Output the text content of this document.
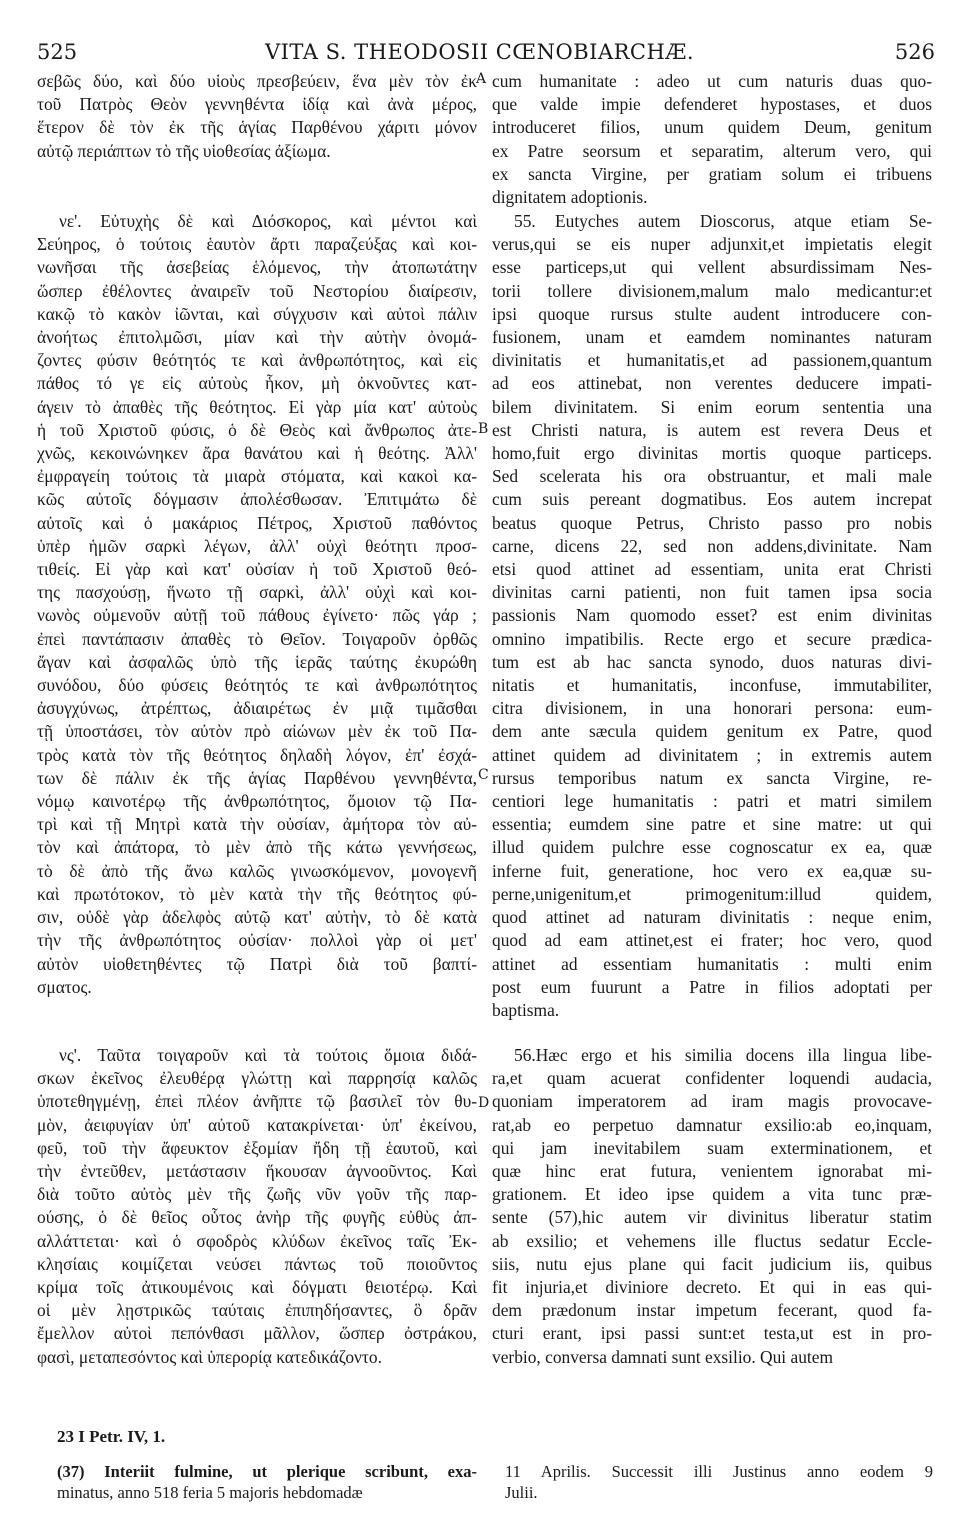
525	VITA S. THEODOSII CŒNOBIARCHÆ.	526
A
B
C
D
σεβῶς δύο, καὶ δύο υἱοὺς πρεσβεύειν, ἕνα μὲν τὸν ἐκ
τοῦ Πατρὸς Θεὸν γεννηθέντα ἰδίᾳ καὶ ἀνὰ μέρος,
ἕτερον δὲ τὸν ἐκ τῆς ἁγίας Παρθένου χάριτι μόνον
αὐτῷ περιάπτων τὸ τῆς υἱοθεσίας ἀξίωμα.
νε'. Εὐτυχὴς δὲ καὶ Διόσκορος, καὶ μέντοι καὶ
Σεύηρος, ὁ τούτοις ἑαυτὸν ἄρτι παραζεύξας καὶ κοι-
νωνῆσαι τῆς ἀσεβείας ἑλόμενος, τὴν ἀτοπωτάτην
ὥσπερ ἐθέλοντες ἀναιρεῖν τοῦ Νεστορίου διαίρεσιν,
κακῷ τὸ κακὸν ἰῶνται, καὶ σύγχυσιν καὶ αὐτοὶ πάλιν
ἀνοήτως ἐπιτολμῶσι, μίαν καὶ τὴν αὐτὴν ὀνομά-
ζοντες φύσιν θεότητός τε καὶ ἀνθρωπότητος, καὶ εἰς
πάθος τό γε εἰς αὐτοὺς ἧκον, μὴ ὀκνοῦντες κατ-
άγειν τὸ ἀπαθὲς τῆς θεότητος. Εἰ γὰρ μία κατ' αὐτοὺς
ἡ τοῦ Χριστοῦ φύσις, ὁ δὲ Θεὸς καὶ ἄνθρωπος ἀτε-
χνῶς, κεκοινώνηκεν ἄρα θανάτου καὶ ἡ θεότης. Ἀλλ'
ἐμφραγείη τούτοις τὰ μιαρὰ στόματα, καὶ κακοὶ κα-
κῶς αὐτοῖς δόγμασιν ἀπολέσθωσαν. Ἐπιτιμάτω δὲ
αὐτοῖς καὶ ὁ μακάριος Πέτρος, Χριστοῦ παθόντος
ὑπὲρ ἡμῶν σαρκὶ λέγων, ἀλλ' οὐχὶ θεότητι προσ-
τιθείς. Εἰ γὰρ καὶ κατ' οὐσίαν ἡ τοῦ Χριστοῦ θεό-
της πασχούσῃ, ἥνωτο τῇ σαρκὶ, ἀλλ' οὐχὶ καὶ κοι-
νωνὸς οὐμενοῦν αὐτῇ τοῦ πάθους ἐγίνετο· πῶς γάρ ;
ἐπεὶ παντάπασιν ἀπαθὲς τὸ Θεῖον. Τοιγαροῦν ὀρθῶς
ἄγαν καὶ ἀσφαλῶς ὑπὸ τῆς ἱερᾶς ταύτης ἐκυρώθη
συνόδου, δύο φύσεις θεότητός τε καὶ ἀνθρωπότητος
ἀσυγχύνως, ἀτρέπτως, ἀδιαιρέτως ἐν μιᾷ τιμᾶσθαι
τῇ ὑποστάσει, τὸν αὐτὸν πρὸ αἰώνων μὲν ἐκ τοῦ Πα-
τρὸς κατὰ τὸν τῆς θεότητος δηλαδὴ λόγον, ἐπ' ἐσχά-
των δὲ πάλιν ἐκ τῆς ἁγίας Παρθένου γεννηθέντα,
νόμῳ καινοτέρῳ τῆς ἀνθρωπότητος, ὅμοιον τῷ Πα-
τρὶ καὶ τῇ Μητρὶ κατὰ τὴν οὐσίαν, ἀμήτορα τὸν αὐ-
τὸν καὶ ἀπάτορα, τὸ μὲν ἀπὸ τῆς κάτω γεννήσεως,
τὸ δὲ ἀπὸ τῆς ἄνω καλῶς γινωσκόμενον, μονογενῆ
καὶ πρωτότοκον, τὸ μὲν κατὰ τὴν τῆς θεότητος φύ-
σιν, οὐδὲ γὰρ ἀδελφὸς αὐτῷ κατ' αὐτὴν, τὸ δὲ κατὰ
τὴν τῆς ἀνθρωπότητος οὐσίαν· πολλοὶ γὰρ οἱ μετ'
αὐτὸν υἱοθετηθέντες τῷ Πατρὶ διὰ τοῦ βαπτί-
σματος.
νς'. Ταῦτα τοιγαροῦν καὶ τὰ τούτοις ὅμοια διδά-
σκων ἐκεῖνος ἐλευθέρᾳ γλώττῃ καὶ παρρησίᾳ καλῶς
ὑποτεθηγμένῃ, ἐπεὶ πλέον ἀνῆπτε τῷ βασιλεῖ τὸν θυ-
μὸν, ἀειφυγίαν ὑπ' αὐτοῦ κατακρίνεται· ὑπ' ἐκείνου,
φεῦ, τοῦ τὴν ἄφευκτον ἐξομίαν ἤδη τῇ ἑαυτοῦ, καὶ
τὴν ἐντεῦθεν, μετάστασιν ἥκουσαν ἀγνοοῦντος. Καὶ
διὰ τοῦτο αὐτὸς μὲν τῆς ζωῆς νῦν γοῦν τῆς παρ-
ούσης, ὁ δὲ θεῖος οὗτος ἀνὴρ τῆς φυγῆς εὐθὺς ἀπ-
αλλάττεται· καὶ ὁ σφοδρὸς κλύδων ἐκεῖνος ταῖς Ἐκ-
κλησίαις κοιμίζεται νεύσει πάντως τοῦ ποιοῦντος
κρίμα τοῖς ἀτικουμένοις καὶ δόγματι θειοτέρῳ. Καὶ
οἱ μὲν λῃστρικῶς ταύταις ἐπιπηδήσαντες, ὃ δρᾶν
ἔμελλον αὐτοὶ πεπόνθασι μᾶλλον, ὥσπερ ὀστράκου,
φασὶ, μεταπεσόντος καὶ ὑπερορίᾳ κατεδικάζοντο.
cum humanitate : adeo ut cum naturis duas quo-
que valde impie defenderet hypostases, et duos
introduceret filios, unum quidem Deum, genitum
ex Patre seorsum et separatim, alterum vero, qui
ex sancta Virgine, per gratiam solum ei tribuens
dignitatem adoptionis.
55. Eutyches autem Dioscorus, atque etiam Se-
verus,qui se eis nuper adjunxit,et impietatis elegit
esse particeps,ut qui vellent absurdissimam Nes-
torii tollere divisionem,malum malo medicantur:et
ipsi quoque rursus stulte audent introducere con-
fusionem, unam et eamdem nominantes naturam
divinitatis et humanitatis,et ad passionem,quantum
ad eos attinebat, non verentes deducere impati-
bilem divinitatem. Si enim eorum sententia una
est Christi natura, is autem est revera Deus et
homo,fuit ergo divinitas mortis quoque particeps.
Sed scelerata his ora obstruantur, et mali male
cum suis pereant dogmatibus. Eos autem increpat
beatus quoque Petrus, Christo passo pro nobis
carne, dicens 22, sed non addens,divinitate. Nam
etsi quod attinet ad essentiam, unita erat Christi
divinitas carni patienti, non fuit tamen ipsa socia
passionis Nam quomodo esset? est enim divinitas
omnino impatibilis. Recte ergo et secure prædica-
tum est ab hac sancta synodo, duos naturas divi-
nitatis et humanitatis, inconfuse, immutabiliter,
citra divisionem, in una honorari persona: eum-
dem ante sæcula quidem genitum ex Patre, quod
attinet quidem ad divinitatem ; in extremis autem
rursus temporibus natum ex sancta Virgine, re-
centiori lege humanitatis : patri et matri similem
essentia; eumdem sine patre et sine matre: ut qui
illud quidem pulchre esse cognoscatur ex ea, quæ
inferne fuit, generatione, hoc vero ex ea,quæ su-
perne,unigenitum,et primogenitum:illud quidem,
quod attinet ad naturam divinitatis : neque enim,
quod ad eam attinet,est ei frater; hoc vero, quod
attinet ad essentiam humanitatis : multi enim
post eum fuurunt a Patre in filios adoptati per
baptisma.
56.Hæc ergo et his similia docens illa lingua libe-
ra,et quam acuerat confidenter loquendi audacia,
quoniam imperatorem ad iram magis provocave-
rat,ab eo perpetuo damnatur exsilio:ab eo,inquam,
qui jam inevitabilem suam exterminationem, et
quæ hinc erat futura, venientem ignorabat mi-
grationem. Et ideo ipse quidem a vita tunc præ-
sente (57),hic autem vir divinitus liberatur statim
ab exsilio; et vehemens ille fluctus sedatur Eccle-
siis, nutu ejus plane qui facit judicium iis, quibus
fit injuria,et diviniore decreto. Et qui in eas qui-
dem prædonum instar impetum fecerant, quod fa-
cturi erant, ipsi passi sunt:et testa,ut est in pro-
verbio, conversa damnati sunt exsilio. Qui autem
23 I Petr. IV, 1.
(37) Interiit fulmine, ut plerique scribunt, exa-
minatus, anno 518 feria 5 majoris hebdomadæ
11 Aprilis. Successit illi Justinus anno eodem 9
Julii.
